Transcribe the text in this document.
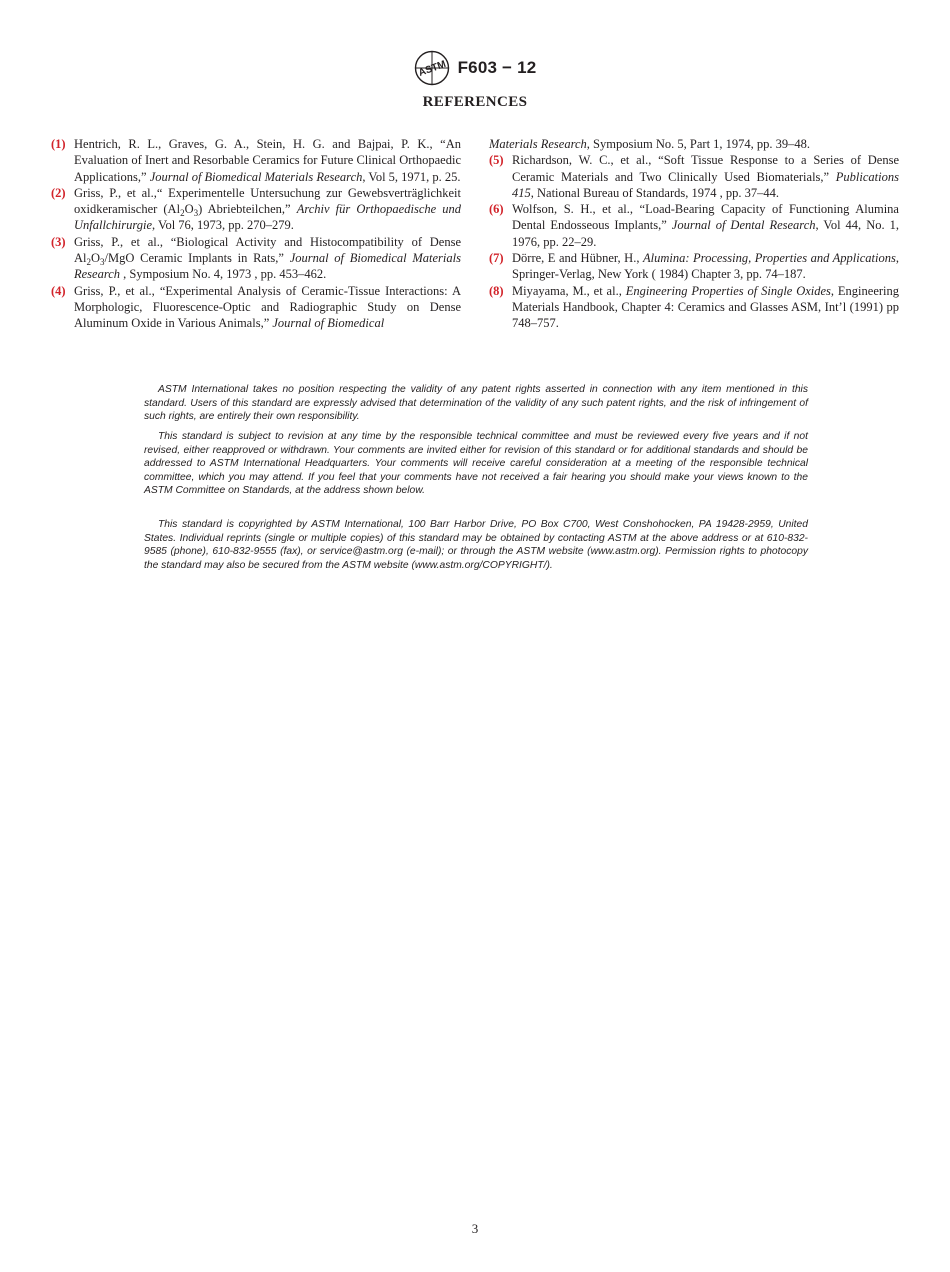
ASTM F603 − 12
REFERENCES
(1) Hentrich, R. L., Graves, G. A., Stein, H. G. and Bajpai, P. K., “An Evaluation of Inert and Resorbable Ceramics for Future Clinical Orthopaedic Applications,” Journal of Biomedical Materials Research, Vol 5, 1971, p. 25.
(2) Griss, P., et al.,“ Experimentelle Untersuchung zur Gewebsverträglichkeit oxidkeramischer $(Al_2O_3)$ Abriebteilchen,” Archiv für Orthopaedische und Unfallchirurgie, Vol 76, 1973, pp. 270–279.
(3) Griss, P., et al., “Biological Activity and Histocompatibility of Dense $Al_2O_3$/MgO Ceramic Implants in Rats,” Journal of Biomedical Materials Research , Symposium No. 4, 1973 , pp. 453–462.
(4) Griss, P., et al., “Experimental Analysis of Ceramic-Tissue Interactions: A Morphologic, Fluorescence-Optic and Radiographic Study on Dense Aluminum Oxide in Various Animals,” Journal of Biomedical
Materials Research, Symposium No. 5, Part 1, 1974, pp. 39–48.
(5) Richardson, W. C., et al., “Soft Tissue Response to a Series of Dense Ceramic Materials and Two Clinically Used Biomaterials,” Publications 415, National Bureau of Standards, 1974 , pp. 37–44.
(6) Wolfson, S. H., et al., “Load-Bearing Capacity of Functioning Alumina Dental Endosseous Implants,” Journal of Dental Research, Vol 44, No. 1, 1976, pp. 22–29.
(7) Dörre, E and Hübner, H., Alumina: Processing, Properties and Applications, Springer-Verlag, New York ( 1984) Chapter 3, pp. 74–187.
(8) Miyayama, M., et al., Engineering Properties of Single Oxides, Engineering Materials Handbook, Chapter 4: Ceramics and Glasses ASM, Int’l (1991) pp 748–757.

ASTM International takes no position respecting the validity of any patent rights asserted in connection with any item mentioned in this standard. Users of this standard are expressly advised that determination of the validity of any such patent rights, and the risk of infringement of such rights, are entirely their own responsibility.

This standard is subject to revision at any time by the responsible technical committee and must be reviewed every five years and if not revised, either reapproved or withdrawn. Your comments are invited either for revision of this standard or for additional standards and should be addressed to ASTM International Headquarters. Your comments will receive careful consideration at a meeting of the responsible technical committee, which you may attend. If you feel that your comments have not received a fair hearing you should make your views known to the ASTM Committee on Standards, at the address shown below.

This standard is copyrighted by ASTM International, 100 Barr Harbor Drive, PO Box C700, West Conshohocken, PA 19428-2959, United States. Individual reprints (single or multiple copies) of this standard may be obtained by contacting ASTM at the above address or at 610-832-9585 (phone), 610-832-9555 (fax), or service@astm.org (e-mail); or through the ASTM website (www.astm.org). Permission rights to photocopy the standard may also be secured from the ASTM website (www.astm.org/COPYRIGHT/).

3
